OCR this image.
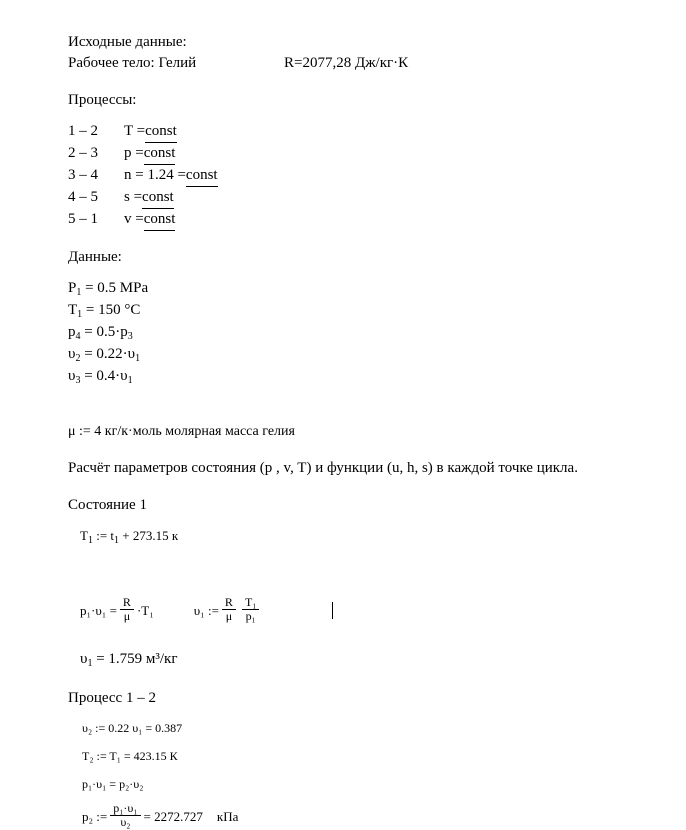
Исходные данные:
Рабочее тело: Гелий	R=2077,28 Дж/кг·К
Процессы:
1 – 2	T = const
2 – 3	p = const
3 – 4	n = 1.24 = const
4 – 5	s = const
5 – 1	v = const
Данные:
$P_1 = 0.5$ MPa
$T_1 = 150$ °C
$p_4 = 0.5\cdot p_3$
$\upsilon_2 = 0.22\cdot\upsilon_1$
$\upsilon_3 = 0.4\cdot\upsilon_1$
μ := 4 кг/к·моль молярная масса гелия
Расчёт параметров состояния (p , v, T) и функции (u, h, s) в каждой точке цикла.
Состояние 1
$T_1$ := $t_1 + 273.15$ к
$p_1\cdot\upsilon_1 = \frac{R}{\mu} \cdot T_1$	υ₁ := $\frac{R}{\mu} \frac{\text{T₁}}{\text{p₁}}$
$\upsilon_1 = 1.759$ м³/кг
Процесс 1 – 2
υ₂ := 0.22 υ₁ = 0.387
T₂ := T₁ = 423.15 К
p₁·υ₁ = p₂·υ₂
p₂ := $\frac{\text{p₁·υ₁}}{\text{υ₂}} = 2272.727$ кПа
